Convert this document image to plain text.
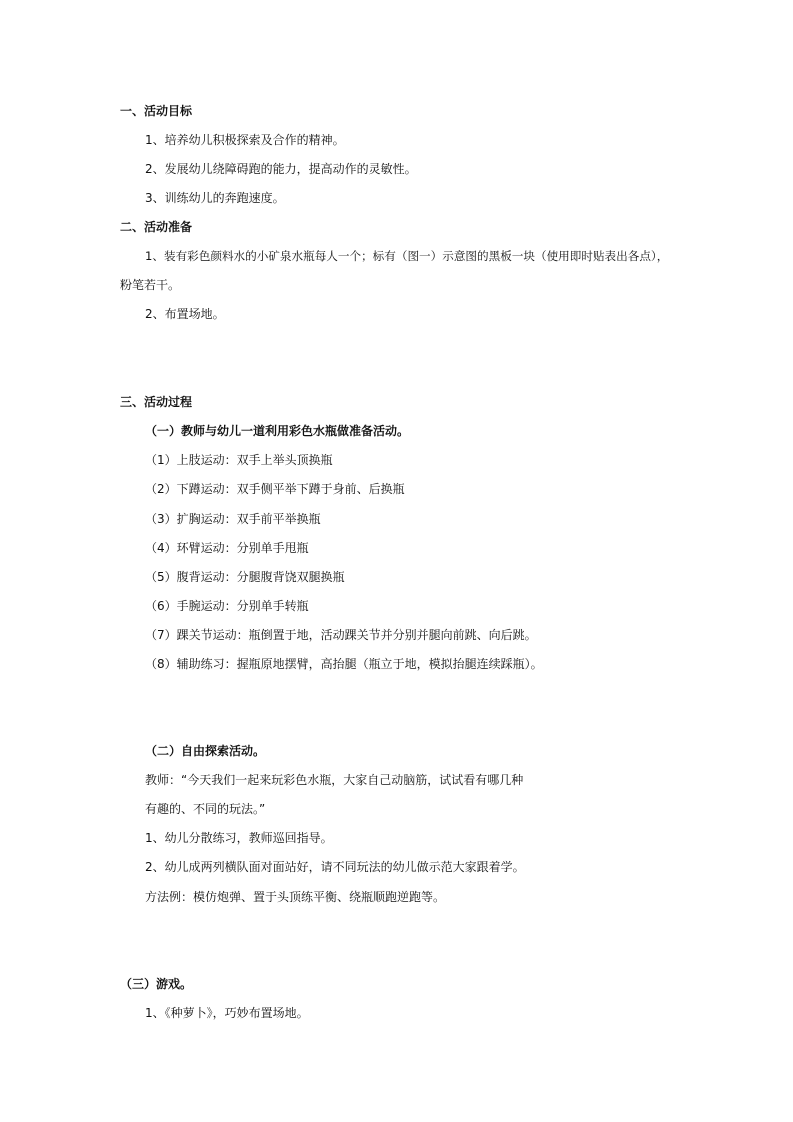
一、活动目标
1、培养幼儿积极探索及合作的精神。
2、发展幼儿绕障碍跑的能力，提高动作的灵敏性。
3、训练幼儿的奔跑速度。
二、活动准备
1、装有彩色颜料水的小矿泉水瓶每人一个；标有（图一）示意图的黑板一块（使用即时贴表出各点），
粉笔若干。
2、布置场地。
三、活动过程
（一）教师与幼儿一道利用彩色水瓶做准备活动。
（1）上肢运动：双手上举头顶换瓶
（2）下蹲运动：双手侧平举下蹲于身前、后换瓶
（3）扩胸运动：双手前平举换瓶
（4）环臂运动：分别单手甩瓶
（5）腹背运动：分腿腹背饶双腿换瓶
（6）手腕运动：分别单手转瓶
（7）踝关节运动：瓶倒置于地，活动踝关节并分别并腿向前跳、向后跳。
（8）辅助练习：握瓶原地摆臂，高抬腿（瓶立于地，模拟抬腿连续踩瓶）。
（二）自由探索活动。
教师：“今天我们一起来玩彩色水瓶，大家自己动脑筋，试试看有哪几种
有趣的、不同的玩法。”
1、幼儿分散练习，教师巡回指导。
2、幼儿成两列横队面对面站好，请不同玩法的幼儿做示范大家跟着学。
方法例：模仿炮弹、置于头顶练平衡、绕瓶顺跑逆跑等。
（三）游戏。
1、《种萝卜》，巧妙布置场地。
